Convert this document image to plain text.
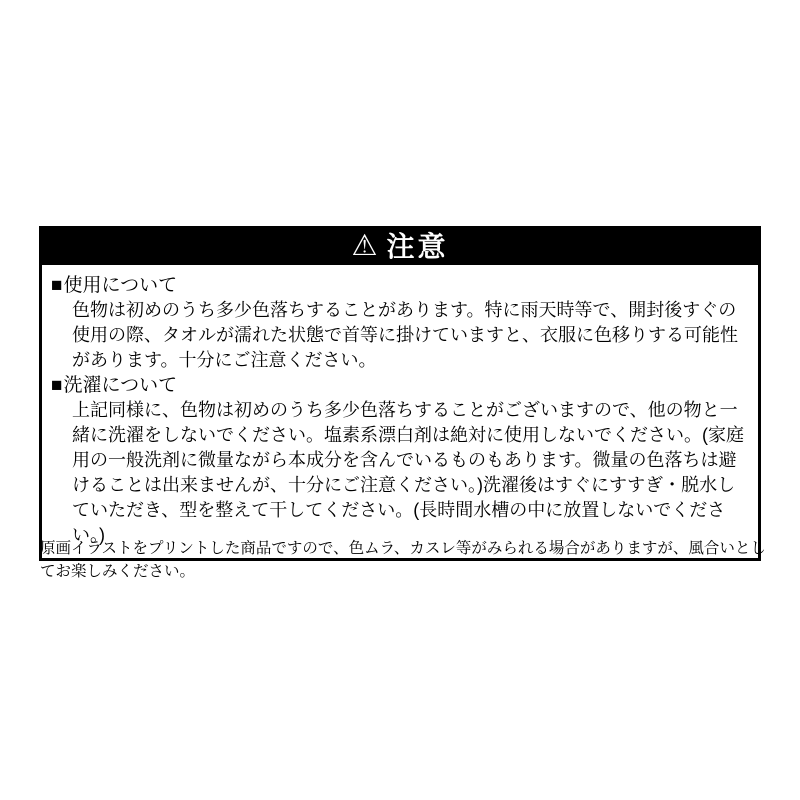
⚠ 注意
■使用について

色物は初めのうち多少色落ちすることがあります。特に雨天時等で、開封後すぐの使用の際、タオルが濡れた状態で首等に掛けていますと、衣服に色移りする可能性があります。十分にご注意ください。

■洗濯について

上記同様に、色物は初めのうち多少色落ちすることがございますので、他の物と一緒に洗濯をしないでください。塩素系漂白剤は絶対に使用しないでください。(家庭用の一般洗剤に微量ながら本成分を含んでいるものもあります。微量の色落ちは避けることは出来ませんが、十分にご注意ください。)洗濯後はすぐにすすぎ・脱水していただき、型を整えて干してください。(長時間水槽の中に放置しないでください。)

原画イラストをプリントした商品ですので、色ムラ、カスレ等がみられる場合がありますが、風合いとしてお楽しみください。
